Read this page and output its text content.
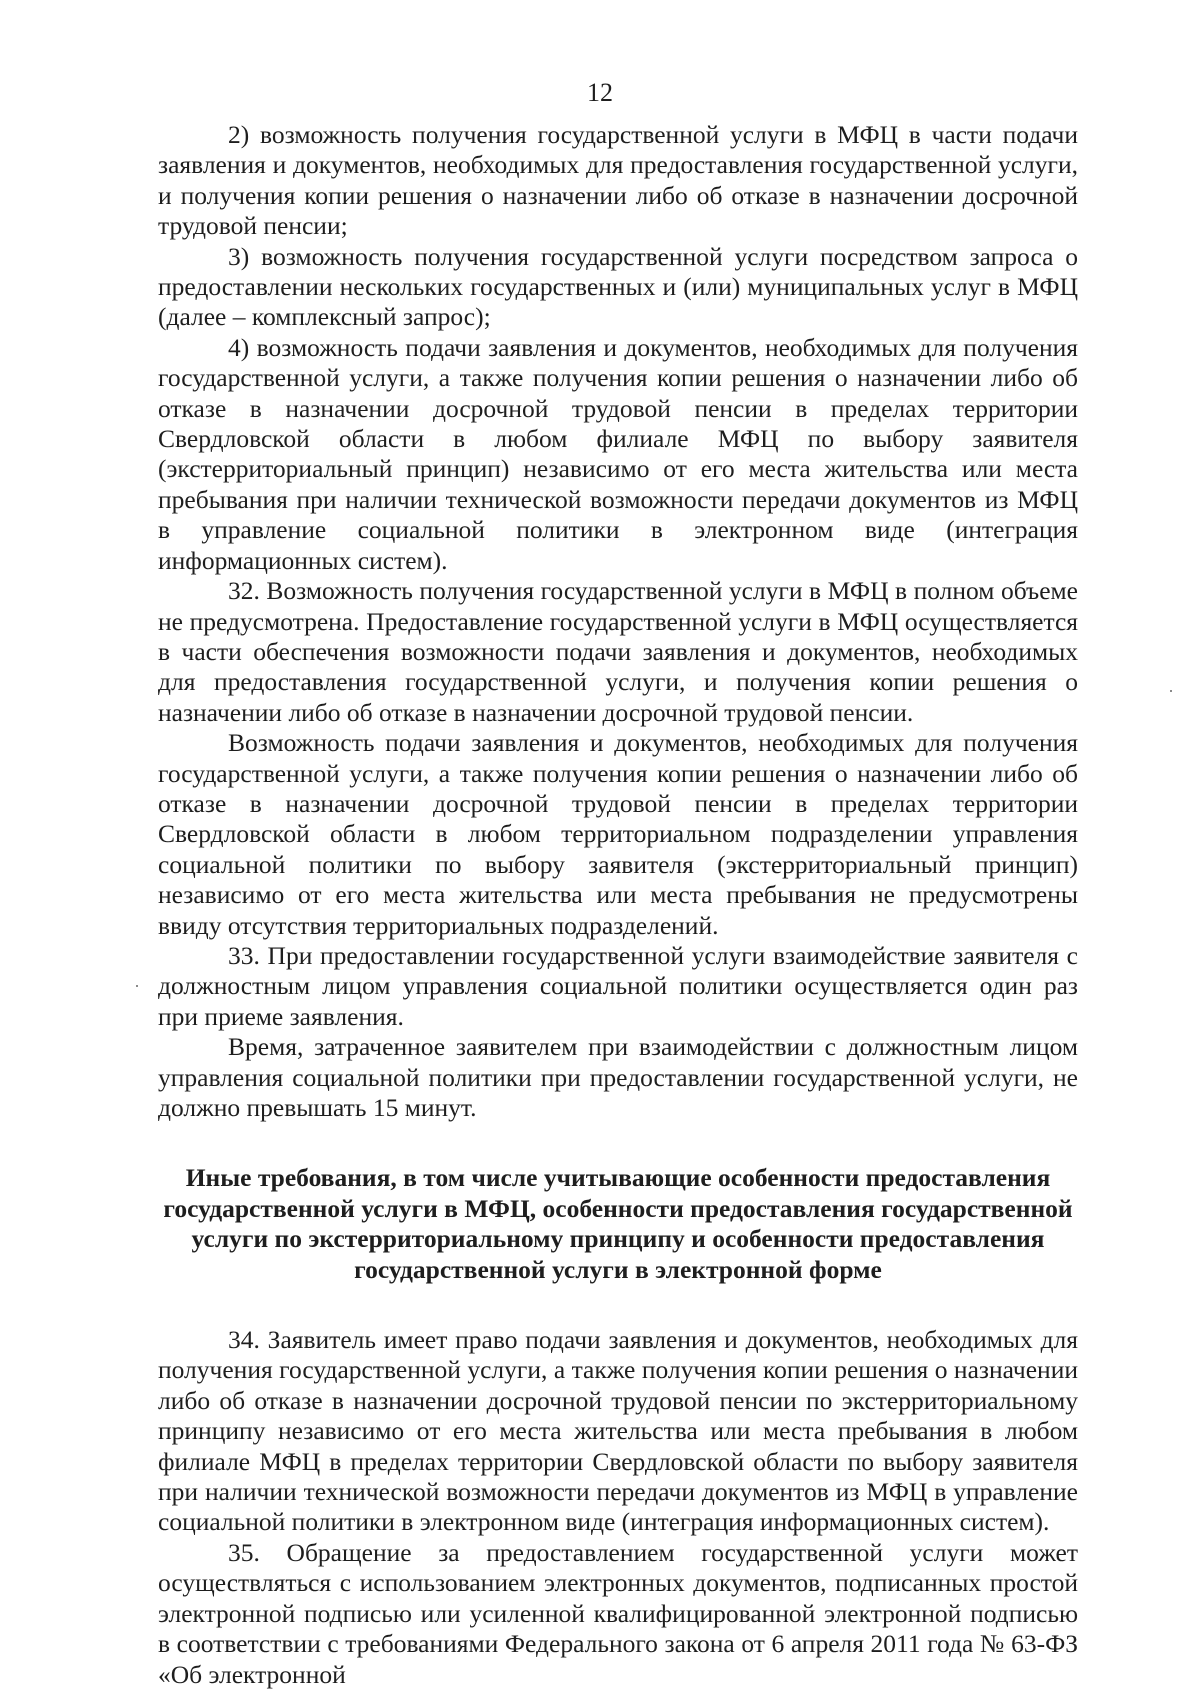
12

2) возможность получения государственной услуги в МФЦ в части подачи заявления и документов, необходимых для предоставления государственной услуги, и получения копии решения о назначении либо об отказе в назначении досрочной трудовой пенсии;

3) возможность получения государственной услуги посредством запроса о предоставлении нескольких государственных и (или) муниципальных услуг в МФЦ (далее – комплексный запрос);

4) возможность подачи заявления и документов, необходимых для получения государственной услуги, а также получения копии решения о назначении либо об отказе в назначении досрочной трудовой пенсии в пределах территории Свердловской области в любом филиале МФЦ по выбору заявителя (экстерриториальный принцип) независимо от его места жительства или места пребывания при наличии технической возможности передачи документов из МФЦ в управление социальной политики в электронном виде (интеграция информационных систем).

32. Возможность получения государственной услуги в МФЦ в полном объеме не предусмотрена. Предоставление государственной услуги в МФЦ осуществляется в части обеспечения возможности подачи заявления и документов, необходимых для предоставления государственной услуги, и получения копии решения о назначении либо об отказе в назначении досрочной трудовой пенсии.

Возможность подачи заявления и документов, необходимых для получения государственной услуги, а также получения копии решения о назначении либо об отказе в назначении досрочной трудовой пенсии в пределах территории Свердловской области в любом территориальном подразделении управления социальной политики по выбору заявителя (экстерриториальный принцип) независимо от его места жительства или места пребывания не предусмотрены ввиду отсутствия территориальных подразделений.

33. При предоставлении государственной услуги взаимодействие заявителя с должностным лицом управления социальной политики осуществляется один раз при приеме заявления.

Время, затраченное заявителем при взаимодействии с должностным лицом управления социальной политики при предоставлении государственной услуги, не должно превышать 15 минут.

Иные требования, в том числе учитывающие особенности предоставления государственной услуги в МФЦ, особенности предоставления государственной услуги по экстерриториальному принципу и особенности предоставления государственной услуги в электронной форме

34. Заявитель имеет право подачи заявления и документов, необходимых для получения государственной услуги, а также получения копии решения о назначении либо об отказе в назначении досрочной трудовой пенсии по экстерриториальному принципу независимо от его места жительства или места пребывания в любом филиале МФЦ в пределах территории Свердловской области по выбору заявителя при наличии технической возможности передачи документов из МФЦ в управление социальной политики в электронном виде (интеграция информационных систем).

35. Обращение за предоставлением государственной услуги может осуществляться с использованием электронных документов, подписанных простой электронной подписью или усиленной квалифицированной электронной подписью в соответствии с требованиями Федерального закона от 6 апреля 2011 года № 63-ФЗ «Об электронной
